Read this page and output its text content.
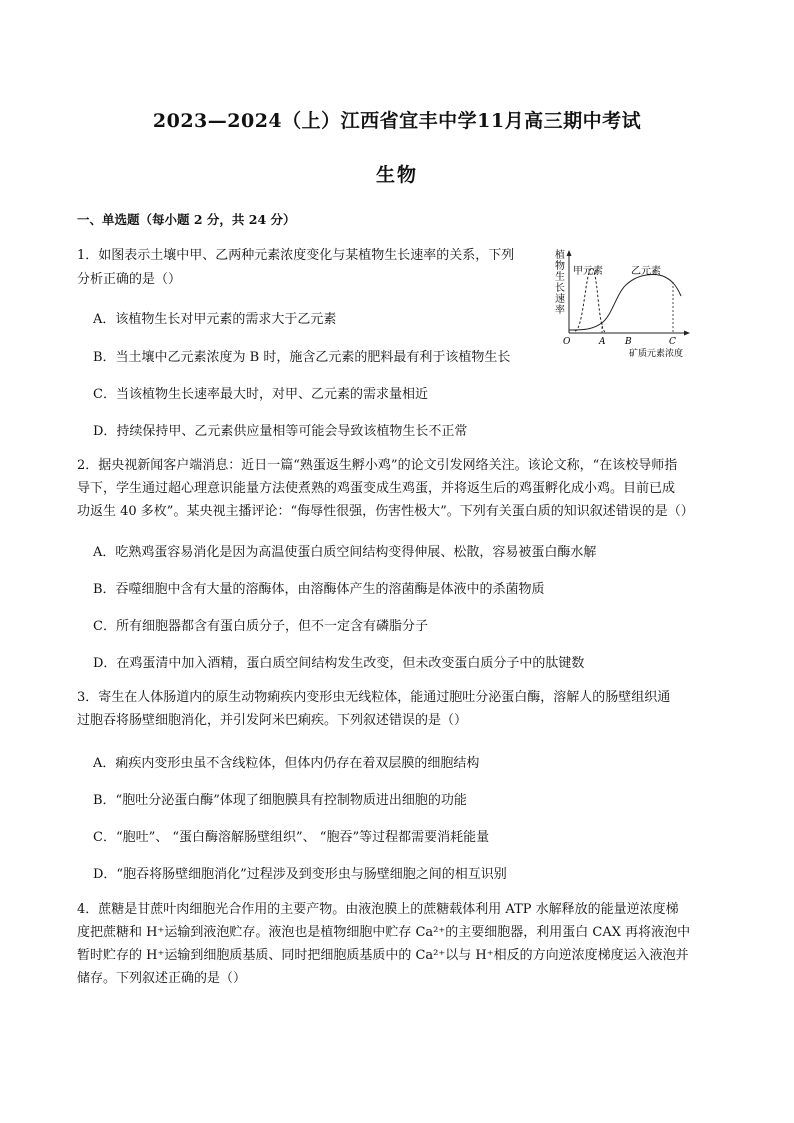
2023—2024（上）江西省宜丰中学11月高三期中考试
生物
一、单选题（每小题 2 分，共 24 分）
1．如图表示土壤中甲、乙两种元素浓度变化与某植物生长速率的关系，下列
分析正确的是（）
A．该植物生长对甲元素的需求大于乙元素
B．当土壤中乙元素浓度为 B 时，施含乙元素的肥料最有利于该植物生长
C．当该植物生长速率最大时，对甲、乙元素的需求量相近
D．持续保持甲、乙元素供应量相等可能会导致该植物生长不正常
植
物
生
长
速
率
甲元素	乙元素
O	A B	C
矿质元素浓度
2．据央视新闻客户端消息：近日一篇“熟蛋返生孵小鸡”的论文引发网络关注。该论文称，“在该校导师指
导下，学生通过超心理意识能量方法使煮熟的鸡蛋变成生鸡蛋，并将返生后的鸡蛋孵化成小鸡。目前已成
功返生 40 多枚”。某央视主播评论：“侮辱性很强，伤害性极大”。下列有关蛋白质的知识叙述错误的是（）
A．吃熟鸡蛋容易消化是因为高温使蛋白质空间结构变得伸展、松散，容易被蛋白酶水解
B．吞噬细胞中含有大量的溶酶体，由溶酶体产生的溶菌酶是体液中的杀菌物质
C．所有细胞器都含有蛋白质分子，但不一定含有磷脂分子
D．在鸡蛋清中加入酒精，蛋白质空间结构发生改变，但未改变蛋白质分子中的肽键数
3．寄生在人体肠道内的原生动物痢疾内变形虫无线粒体，能通过胞吐分泌蛋白酶，溶解人的肠壁组织通
过胞吞将肠壁细胞消化，并引发阿米巴痢疾。下列叙述错误的是（）
A．痢疾内变形虫虽不含线粒体，但体内仍存在着双层膜的细胞结构
B．“胞吐分泌蛋白酶”体现了细胞膜具有控制物质进出细胞的功能
C．“胞吐”、 “蛋白酶溶解肠壁组织”、 “胞吞”等过程都需要消耗能量
D．“胞吞将肠壁细胞消化”过程涉及到变形虫与肠壁细胞之间的相互识别
4．蔗糖是甘蔗叶肉细胞光合作用的主要产物。由液泡膜上的蔗糖载体利用 ATP 水解释放的能量逆浓度梯
度把蔗糖和 H⁺运输到液泡贮存。液泡也是植物细胞中贮存 Ca²⁺的主要细胞器，利用蛋白 CAX 再将液泡中
暂时贮存的 H⁺运输到细胞质基质、同时把细胞质基质中的 Ca²⁺以与 H⁺相反的方向逆浓度梯度运入液泡并
储存。下列叙述正确的是（）
